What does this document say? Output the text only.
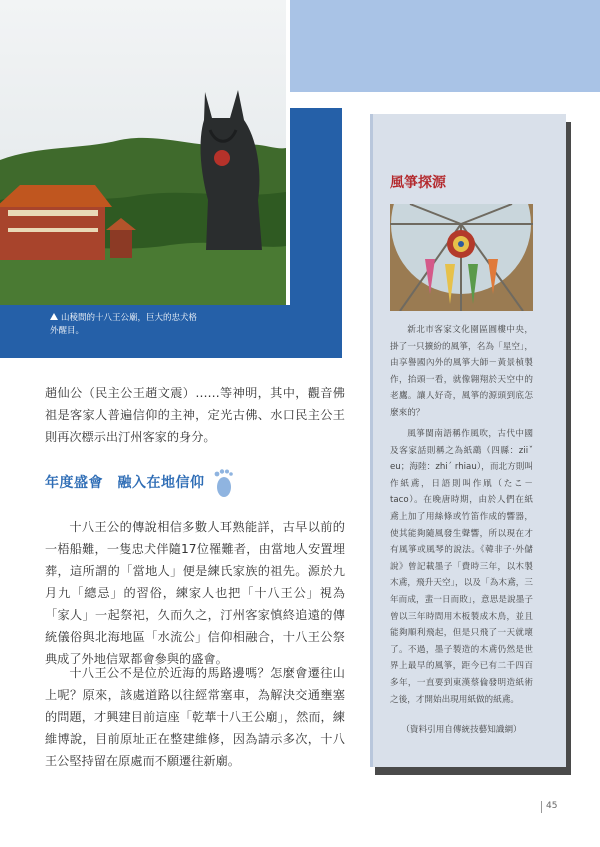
山稜間的十八王公廟，巨大的忠犬格外醒目。
趙仙公（民主公王趙文震）……等神明，其中，觀音佛祖是客家人普遍信仰的主神，定光古佛、水口民主公王則再次標示出汀州客家的身分。
年度盛會　融入在地信仰
十八王公的傳說相信多數人耳熟能詳，古早以前的一梧船難，一隻忠犬伴隨17位罹難者，由當地人安置埋葬，這所謂的「當地人」便是練氏家族的祖先。源於九月九「總忌」的習俗，練家人也把「十八王公」視為「家人」一起祭祀，久而久之，汀州客家慎終追遠的傳統儀俗與北海地區「水流公」信仰相融合，十八王公祭典成了外地信眾都會參與的盛會。
十八王公不是位於近海的馬路邊嗎？怎麼會遷往山上呢？原來，該處道路以往經常塞車，為解決交通壅塞的問題，才興建目前這座「乾華十八王公廟」，然而，練維博說，目前原址正在整建維修，因為請示多次，十八王公堅持留在原處而不願遷往新廟。
風箏探源
新北市客家文化園區圓樓中央，掛了一只擴紛的風箏，名為「星空」，由享譽國內外的風箏大師－黃景楨製作，抬頭一看，就像翱翔於天空中的老鷹。讓人好奇，風箏的源頭到底怎麼來的？
風箏閩南語稱作風吹，古代中國及客家話則稱之為紙鷂（四縣：ziiˇ eu；海陸：zhiˊ rhiau），而北方則叫作紙鳶，日語則叫作凧（たこ－taco）。在晚唐時期，由於人們在紙鳶上加了用絲條或竹笛作成的響器，使其能夠隨風發生聲響，所以現在才有風箏或風琴的說法。《韓非子·外儲說》曾記載墨子「費時三年，以木製木鳶，飛升天空」，以及「為木鳶，三年而成，蜚一日而敗」，意思是說墨子曾以三年時間用木板製成木鳥，並且能夠順利飛起，但是只飛了一天就壞了。不過，墨子製造的木鳶仍然是世界上最早的風箏，距今已有二千四百多年，一直要到東漢蔡倫發明造紙術之後，才開始出現用紙做的紙鳶。
（資料引用自傳統技藝知識網）
45
